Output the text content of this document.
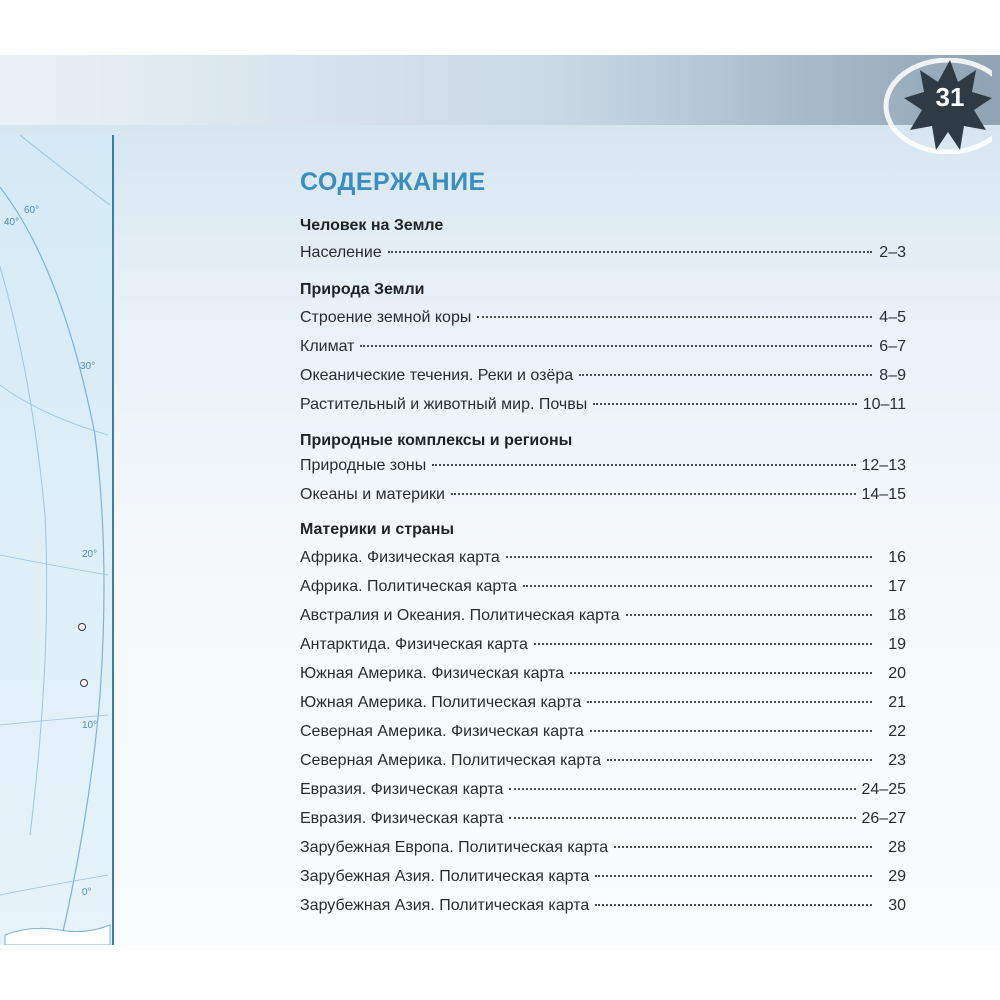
40°
60°
30°
20°
10°
0°
31
СОДЕРЖАНИЕ
Человек на Земле
Население	2–3
Природа Земли
Строение земной коры	4–5
Климат	6–7
Океанические течения. Реки и озёра	8–9
Растительный и животный мир. Почвы	10–11
Природные комплексы и регионы
Природные зоны	12–13
Океаны и материки	14–15
Материки и страны
Африка. Физическая карта	16
Африка. Политическая карта	17
Австралия и Океания. Политическая карта	18
Антарктида. Физическая карта	19
Южная Америка. Физическая карта	20
Южная Америка. Политическая карта	21
Северная Америка. Физическая карта	22
Северная Америка. Политическая карта	23
Евразия. Физическая карта	24–25
Евразия. Физическая карта	26–27
Зарубежная Европа. Политическая карта	28
Зарубежная Азия. Политическая карта	29
Зарубежная Азия. Политическая карта	30
